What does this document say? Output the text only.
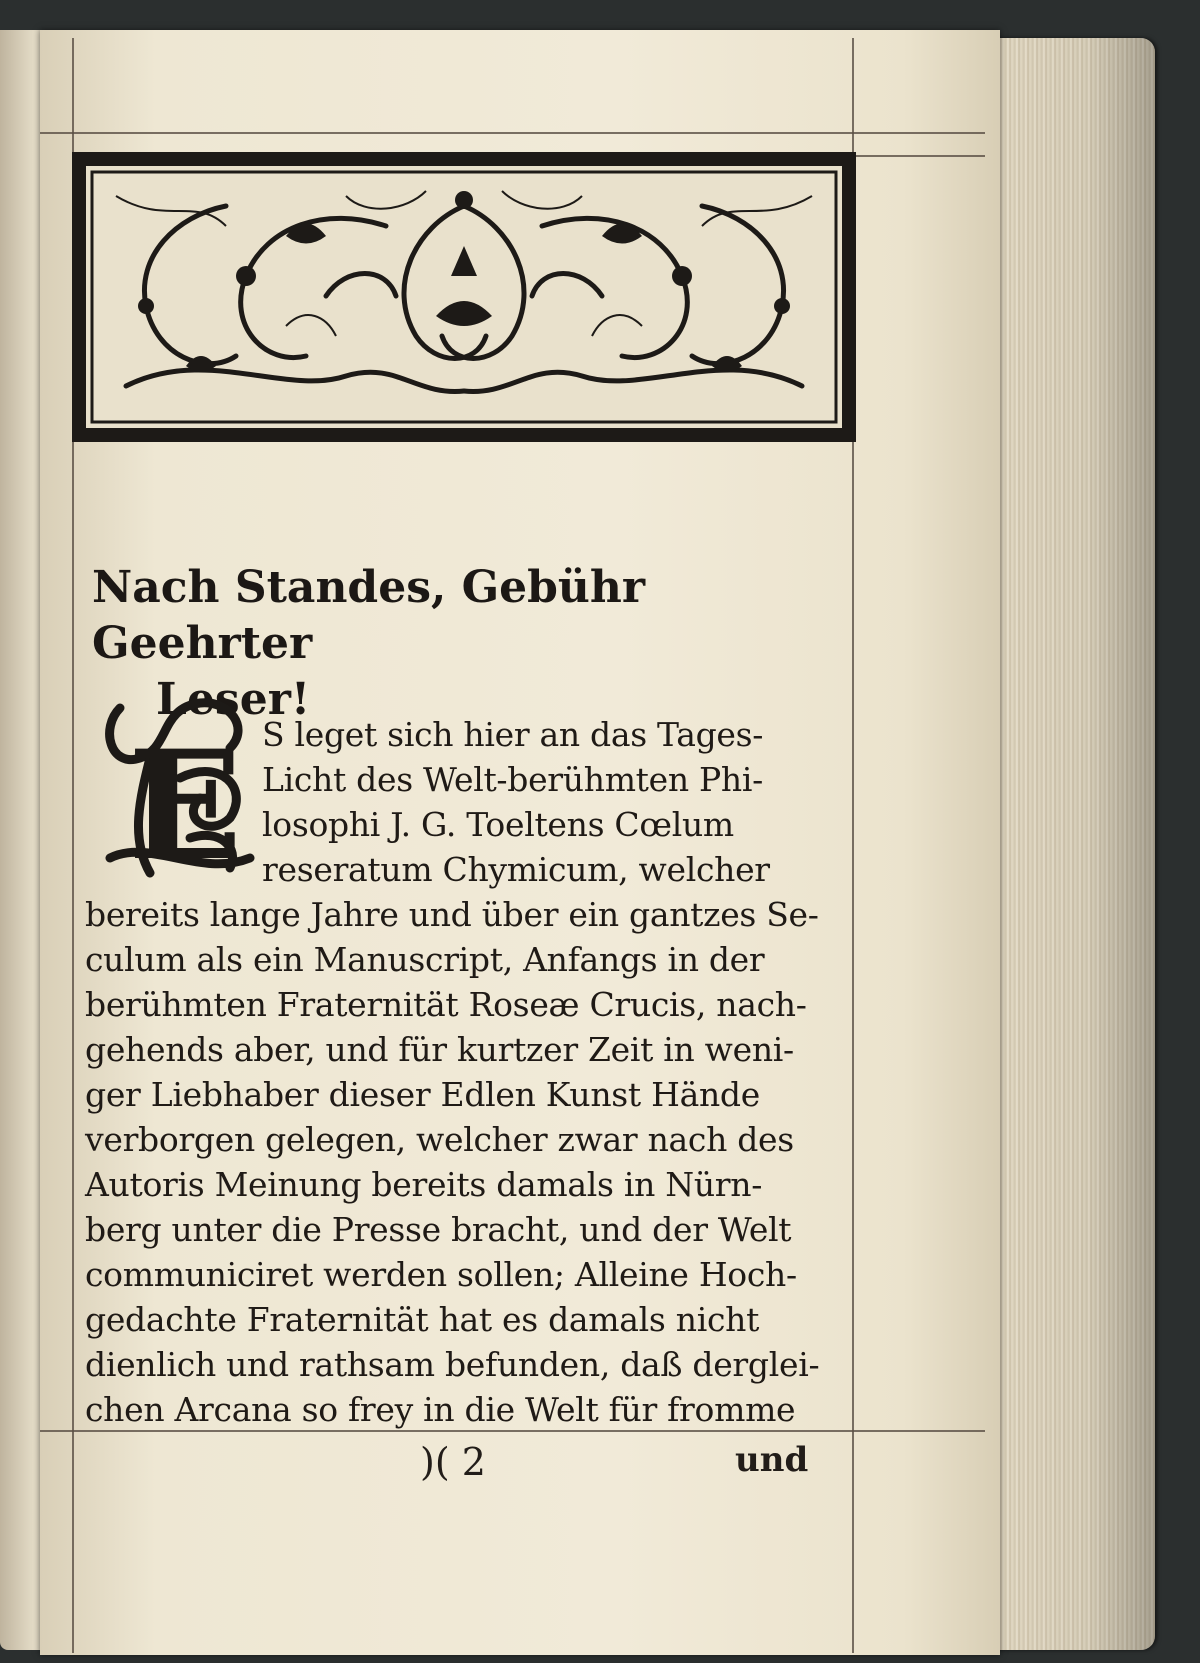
Nach Standes, Gebühr Geehrter
Leser!
E S leget sich hier an das Tages-

Licht des Welt-berühmten Phi-

losophi J. G. Toeltens Cœlum

reseratum Chymicum, welcher

bereits lange Jahre und über ein gantzes Se-

culum als ein Manuscript, Anfangs in der

berühmten Fraternität Roseæ Crucis, nach-

gehends aber, und für kurtzer Zeit in weni-

ger Liebhaber dieser Edlen Kunst Hände

verborgen gelegen, welcher zwar nach des

Autoris Meinung bereits damals in Nürn-

berg unter die Presse bracht, und der Welt

communiciret werden sollen; Alleine Hoch-

gedachte Fraternität hat es damals nicht

dienlich und rathsam befunden, daß derglei-

chen Arcana so frey in die Welt für fromme

)( 2	und
